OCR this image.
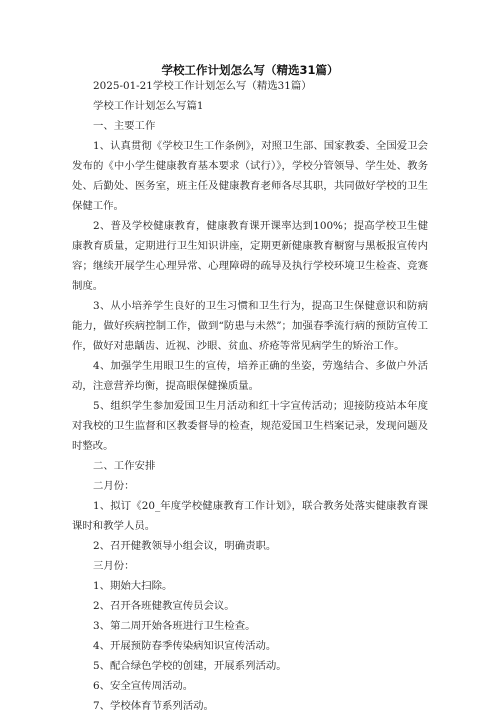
学校工作计划怎么写（精选31篇）

2025-01-21学校工作计划怎么写（精选31篇）

学校工作计划怎么写篇1

一、主要工作

1、认真贯彻《学校卫生工作条例》，对照卫生部、国家教委、全国爱卫会发布的《中小学生健康教育基本要求（试行）》，学校分管领导、学生处、教务处、后勤处、医务室，班主任及健康教育老师各尽其职，共同做好学校的卫生保健工作。

2、普及学校健康教育，健康教育课开课率达到100%；提高学校卫生健康教育质量，定期进行卫生知识讲座，定期更新健康教育橱窗与黑板报宣传内容；继续开展学生心理异常、心理障碍的疏导及执行学校环境卫生检查、竞赛制度。

3、从小培养学生良好的卫生习惯和卫生行为，提高卫生保健意识和防病能力，做好疾病控制工作，做到“防患与未然”；加强春季流行病的预防宣传工作，做好对患龋齿、近视、沙眼、贫血、疥疮等常见病学生的矫治工作。

4、加强学生用眼卫生的宣传，培养正确的坐姿，劳逸结合、多做户外活动，注意营养均衡，提高眼保健操质量。

5、组织学生参加爱国卫生月活动和红十字宣传活动；迎接防疫站本年度对我校的卫生监督和区教委督导的检查，规范爱国卫生档案记录，发现问题及时整改。

二、工作安排

二月份：

1、拟订《20_年度学校健康教育工作计划》，联合教务处落实健康教育课课时和教学人员。

2、召开健教领导小组会议，明确责职。

三月份：

1、期始大扫除。

2、召开各班健教宣传员会议。

3、第二周开始各班进行卫生检查。

4、开展预防春季传染病知识宣传活动。

5、配合绿色学校的创建，开展系列活动。

6、安全宣传周活动。

7、学校体育节系列活动。
